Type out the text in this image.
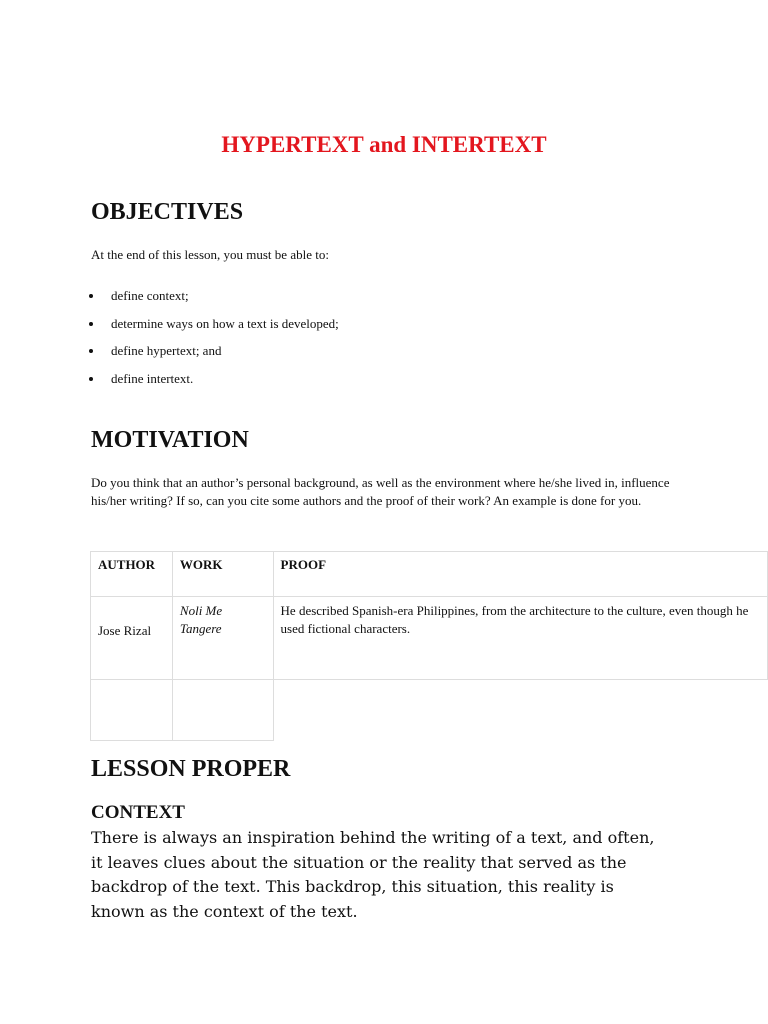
HYPERTEXT and INTERTEXT
OBJECTIVES

At the end of this lesson, you must be able to:

define context;
determine ways on how a text is developed;
define hypertext; and
define intertext.
MOTIVATION

Do you think that an author’s personal background, as well as the environment where he/she lived in, influence his/her writing? If so, can you cite some authors and the proof of their work? An example is done for you.

AUTHOR	WORK	PROOF
Jose Rizal	Noli Me Tangere	He described Spanish-era Philippines, from the architecture to the culture, even though he used fictional characters.

LESSON PROPER
CONTEXT

There is always an inspiration behind the writing of a text, and often, it leaves clues about the situation or the reality that served as the backdrop of the text. This backdrop, this situation, this reality is known as the context of the text.
